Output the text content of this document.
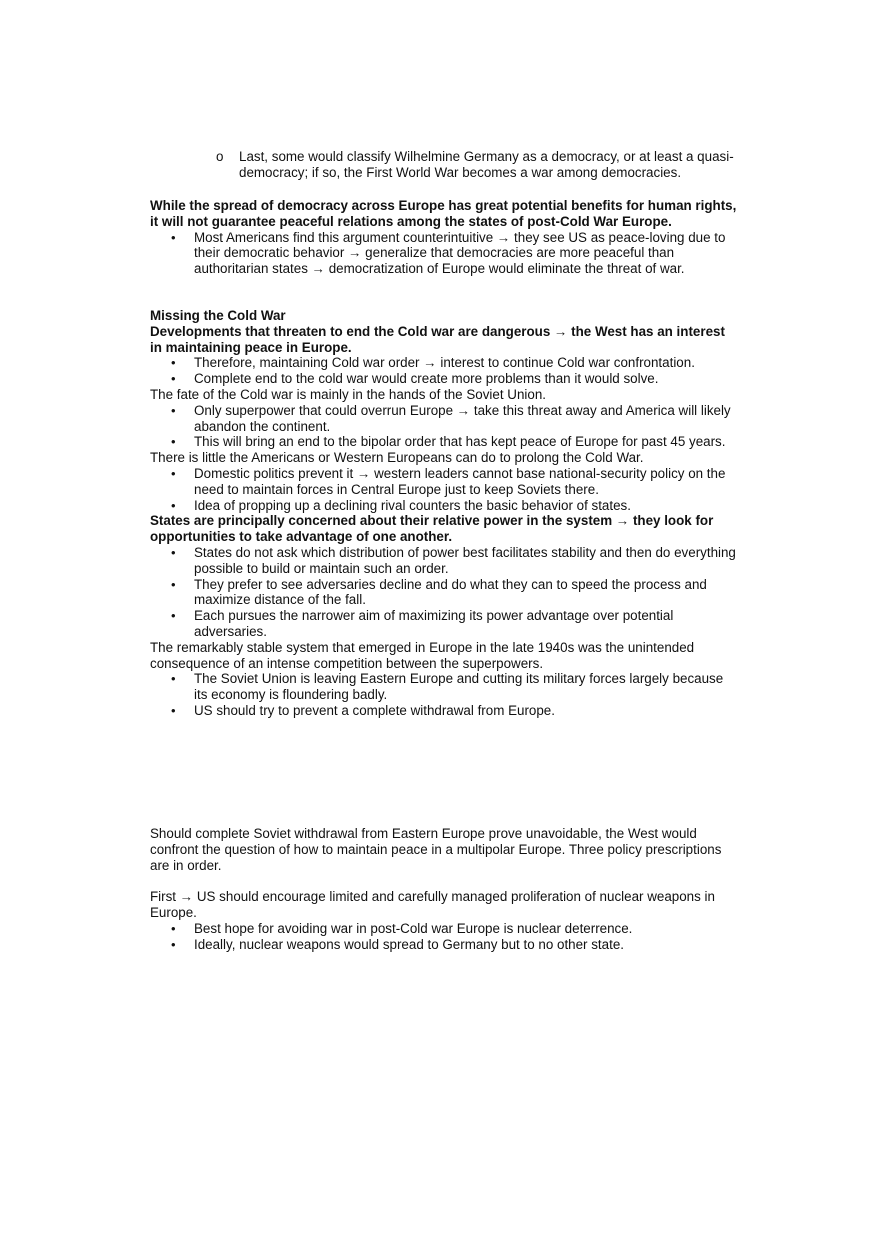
o Last, some would classify Wilhelmine Germany as a democracy, or at least a quasi-democracy; if so, the First World War becomes a war among democracies.

While the spread of democracy across Europe has great potential benefits for human rights, it will not guarantee peaceful relations among the states of post-Cold War Europe.

• Most Americans find this argument counterintuitive → they see US as peace-loving due to their democratic behavior → generalize that democracies are more peaceful than authoritarian states → democratization of Europe would eliminate the threat of war.

Missing the Cold War

Developments that threaten to end the Cold war are dangerous → the West has an interest in maintaining peace in Europe.

• Therefore, maintaining Cold war order → interest to continue Cold war confrontation.

• Complete end to the cold war would create more problems than it would solve.

The fate of the Cold war is mainly in the hands of the Soviet Union.

• Only superpower that could overrun Europe → take this threat away and America will likely abandon the continent.

• This will bring an end to the bipolar order that has kept peace of Europe for past 45 years.

There is little the Americans or Western Europeans can do to prolong the Cold War.

• Domestic politics prevent it → western leaders cannot base national-security policy on the need to maintain forces in Central Europe just to keep Soviets there.

• Idea of propping up a declining rival counters the basic behavior of states.

States are principally concerned about their relative power in the system → they look for opportunities to take advantage of one another.

• States do not ask which distribution of power best facilitates stability and then do everything possible to build or maintain such an order.

• They prefer to see adversaries decline and do what they can to speed the process and maximize distance of the fall.

• Each pursues the narrower aim of maximizing its power advantage over potential adversaries.

The remarkably stable system that emerged in Europe in the late 1940s was the unintended consequence of an intense competition between the superpowers.

• The Soviet Union is leaving Eastern Europe and cutting its military forces largely because its economy is floundering badly.

• US should try to prevent a complete withdrawal from Europe.

Should complete Soviet withdrawal from Eastern Europe prove unavoidable, the West would confront the question of how to maintain peace in a multipolar Europe. Three policy prescriptions are in order.

First → US should encourage limited and carefully managed proliferation of nuclear weapons in Europe.

• Best hope for avoiding war in post-Cold war Europe is nuclear deterrence.

• Ideally, nuclear weapons would spread to Germany but to no other state.
